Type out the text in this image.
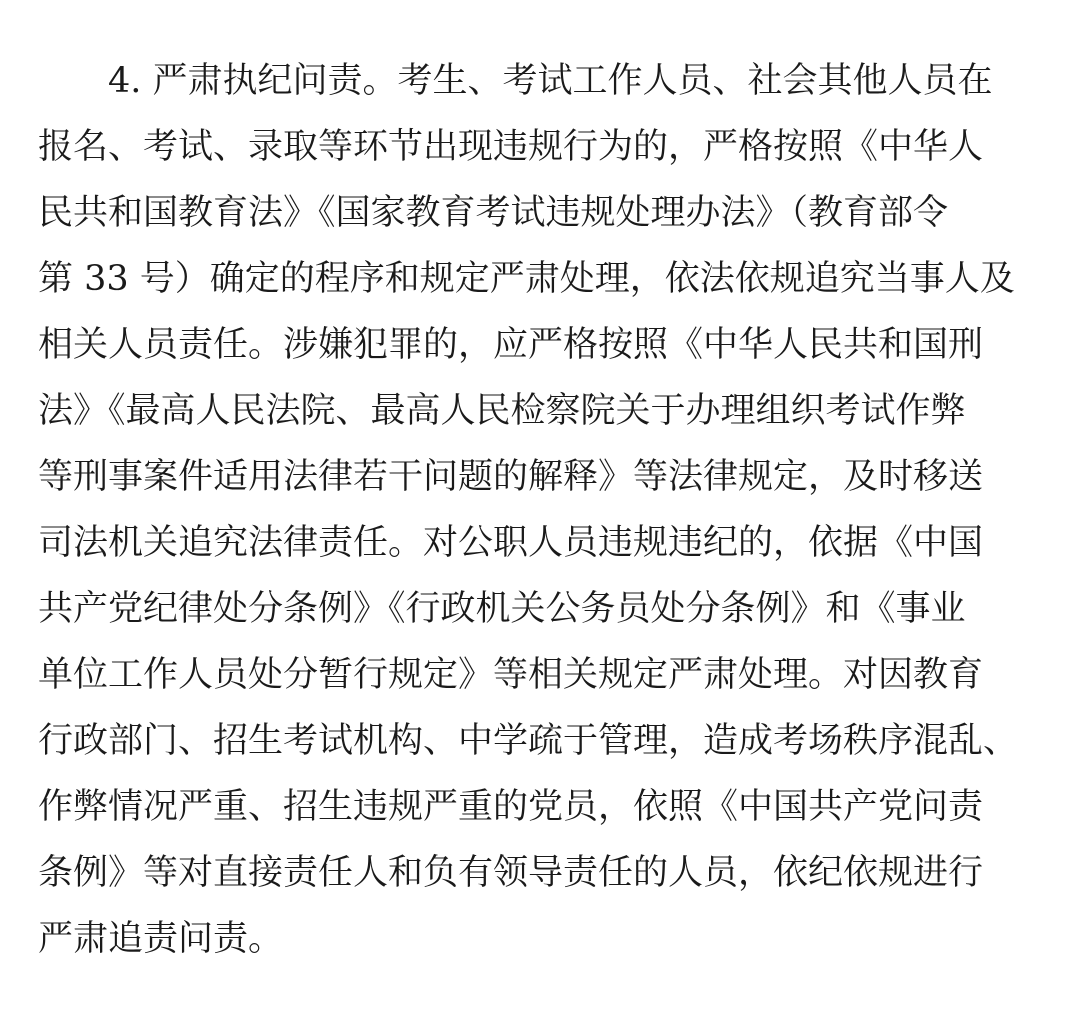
4. 严肃执纪问责。考生、考试工作人员、社会其他人员在
报名、考试、录取等环节出现违规行为的，严格按照《中华人
民共和国教育法》《国家教育考试违规处理办法》（教育部令
第 33 号）确定的程序和规定严肃处理，依法依规追究当事人及
相关人员责任。涉嫌犯罪的，应严格按照《中华人民共和国刑
法》《最高人民法院、最高人民检察院关于办理组织考试作弊
等刑事案件适用法律若干问题的解释》等法律规定，及时移送
司法机关追究法律责任。对公职人员违规违纪的，依据《中国
共产党纪律处分条例》《行政机关公务员处分条例》和《事业
单位工作人员处分暂行规定》等相关规定严肃处理。对因教育
行政部门、招生考试机构、中学疏于管理，造成考场秩序混乱、
作弊情况严重、招生违规严重的党员，依照《中国共产党问责
条例》等对直接责任人和负有领导责任的人员，依纪依规进行
严肃追责问责。
